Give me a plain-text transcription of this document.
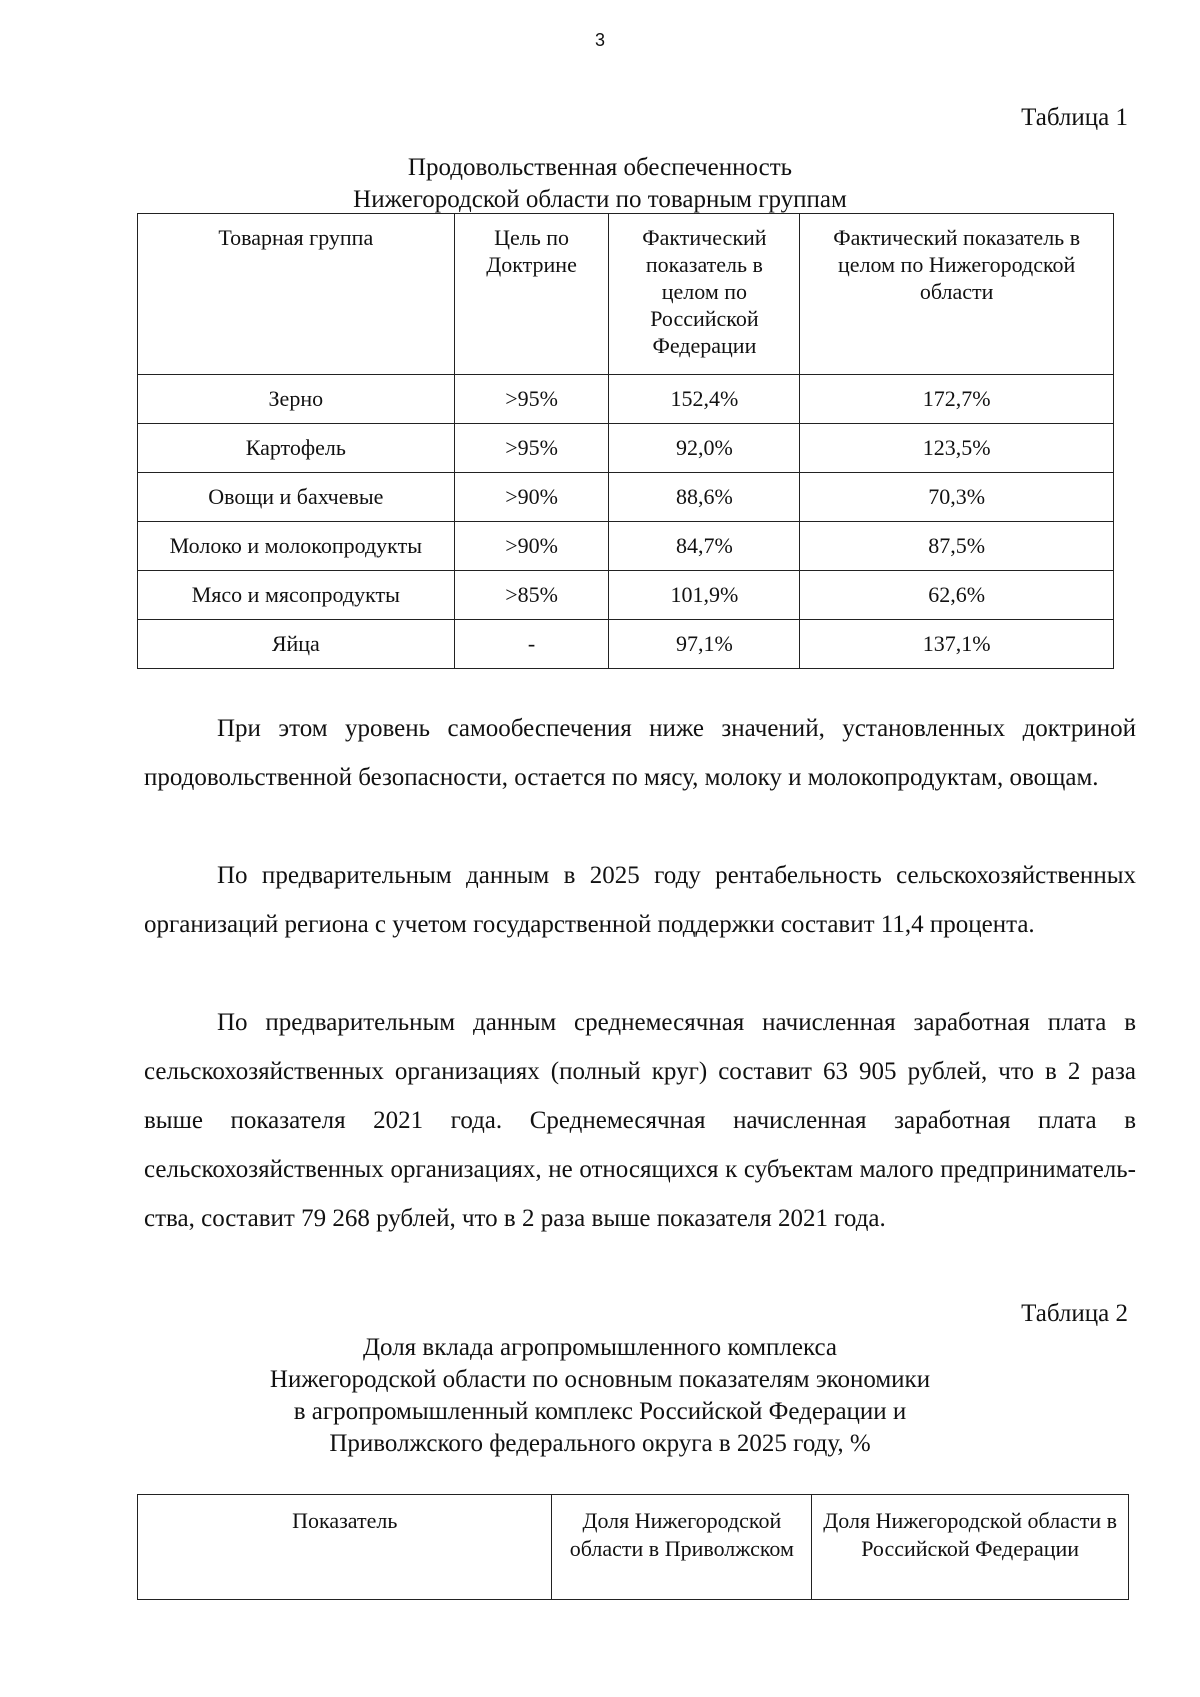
3
Таблица 1
Продовольственная обеспеченность
Нижегородской области по товарным группам
Товарная группа	Цель по Доктрине	Фактический показатель в целом по Российской Федерации	Фактический показатель в целом по Нижегородской области
Зерно	>95%	152,4%	172,7%
Картофель	>95%	92,0%	123,5%
Овощи и бахчевые	>90%	88,6%	70,3%
Молоко и молокопродукты	>90%	84,7%	87,5%
Мясо и мясопродукты	>85%	101,9%	62,6%
Яйца	-	97,1%	137,1%

При этом уровень самообеспечения ниже значений, установленных доктриной продовольственной безопасности, остается по мясу, молоку и молокопродуктам, овощам.

По предварительным данным в 2025 году рентабельность сельскохозяйственных организаций региона с учетом государственной поддержки составит 11,4 процента.

По предварительным данным среднемесячная начисленная заработная плата в сельскохозяйственных организациях (полный круг) составит 63 905 рублей, что в 2 раза выше показателя 2021 года. Среднемесячная начисленная заработная плата в сельскохозяйственных организациях, не относящихся к субъектам малого предпринимательства, составит 79 268 рублей, что в 2 раза выше показателя 2021 года.

Таблица 2
Доля вклада агропромышленного комплекса
Нижегородской области по основным показателям экономики
в агропромышленный комплекс Российской Федерации и
Приволжского федерального округа в 2025 году, %
Показатель	Доля Нижегородской области в Приволжском	Доля Нижегородской области в Российской Федерации
